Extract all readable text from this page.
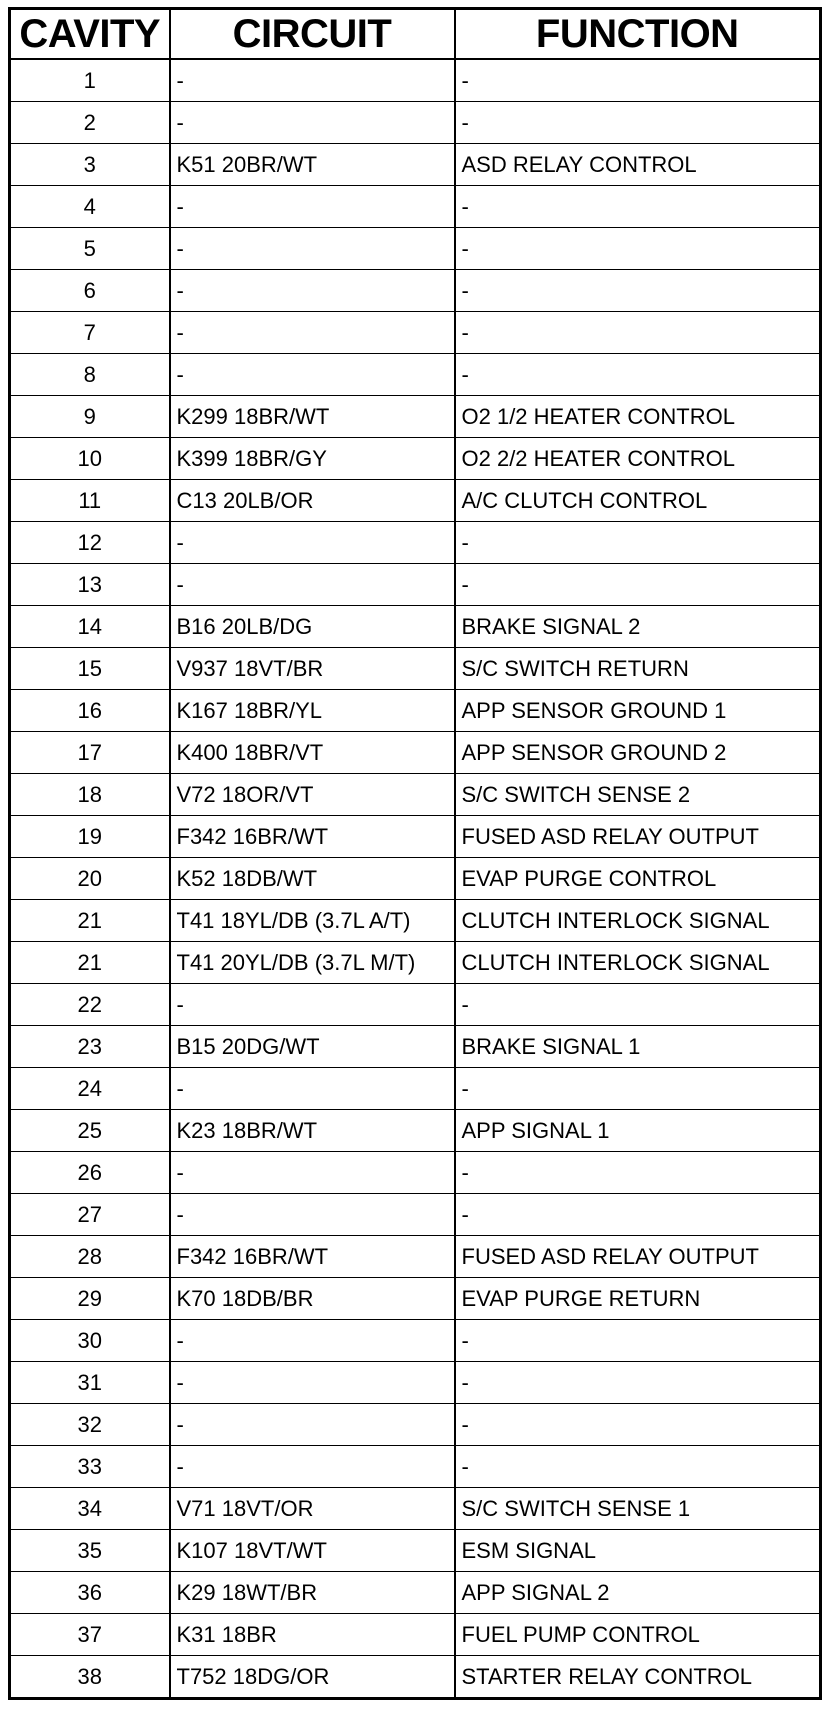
CAVITY	CIRCUIT	FUNCTION
1	-	-
2	-	-
3	K51 20BR/WT	ASD RELAY CONTROL
4	-	-
5	-	-
6	-	-
7	-	-
8	-	-
9	K299 18BR/WT	O2 1/2 HEATER CONTROL
10	K399 18BR/GY	O2 2/2 HEATER CONTROL
11	C13 20LB/OR	A/C CLUTCH CONTROL
12	-	-
13	-	-
14	B16 20LB/DG	BRAKE SIGNAL 2
15	V937 18VT/BR	S/C SWITCH RETURN
16	K167 18BR/YL	APP SENSOR GROUND 1
17	K400 18BR/VT	APP SENSOR GROUND 2
18	V72 18OR/VT	S/C SWITCH SENSE 2
19	F342 16BR/WT	FUSED ASD RELAY OUTPUT
20	K52 18DB/WT	EVAP PURGE CONTROL
21	T41 18YL/DB (3.7L A/T)	CLUTCH INTERLOCK SIGNAL
21	T41 20YL/DB (3.7L M/T)	CLUTCH INTERLOCK SIGNAL
22	-	-
23	B15 20DG/WT	BRAKE SIGNAL 1
24	-	-
25	K23 18BR/WT	APP SIGNAL 1
26	-	-
27	-	-
28	F342 16BR/WT	FUSED ASD RELAY OUTPUT
29	K70 18DB/BR	EVAP PURGE RETURN
30	-	-
31	-	-
32	-	-
33	-	-
34	V71 18VT/OR	S/C SWITCH SENSE 1
35	K107 18VT/WT	ESM SIGNAL
36	K29 18WT/BR	APP SIGNAL 2
37	K31 18BR	FUEL PUMP CONTROL
38	T752 18DG/OR	STARTER RELAY CONTROL
